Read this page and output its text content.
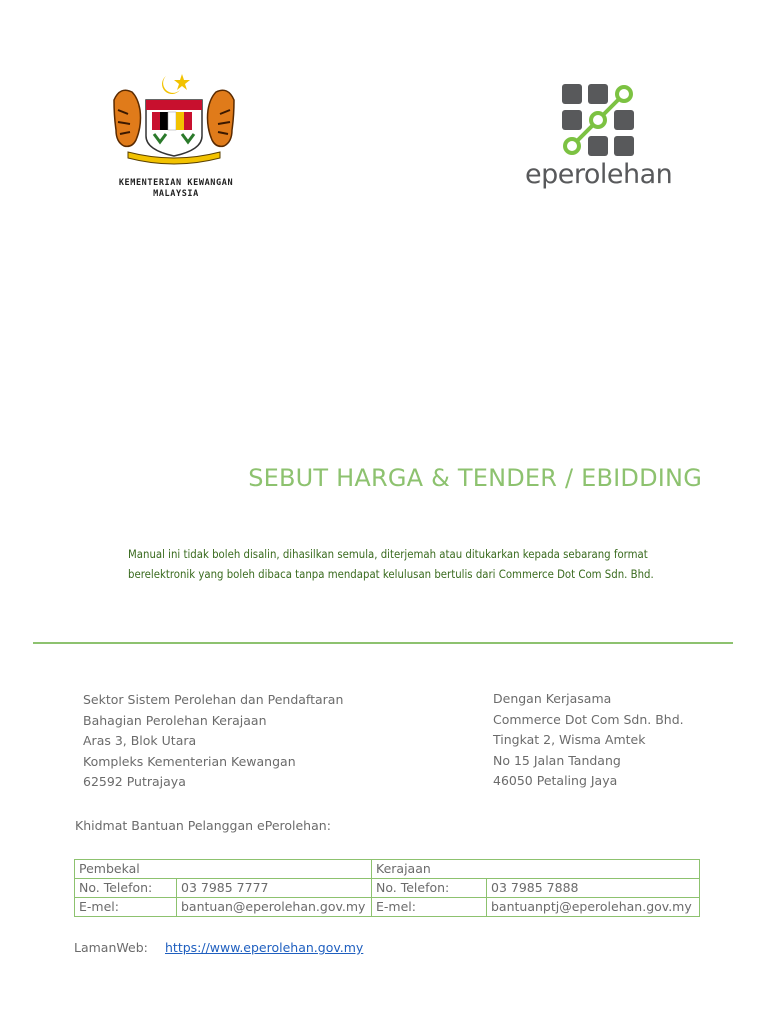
KEMENTERIAN KEWANGAN
MALAYSIA
eperolehan
SEBUT HARGA & TENDER / EBIDDING
Manual ini tidak boleh disalin, dihasilkan semula, diterjemah atau ditukarkan kepada sebarang format
berelektronik yang boleh dibaca tanpa mendapat kelulusan bertulis dari Commerce Dot Com Sdn. Bhd.
Sektor Sistem Perolehan dan Pendaftaran
Bahagian Perolehan Kerajaan
Aras 3, Blok Utara
Kompleks Kementerian Kewangan
62592 Putrajaya
Dengan Kerjasama
Commerce Dot Com Sdn. Bhd.
Tingkat 2, Wisma Amtek
No 15 Jalan Tandang
46050 Petaling Jaya
Khidmat Bantuan Pelanggan ePerolehan:
Pembekal		Kerajaan	
No. Telefon:	03 7985 7777	No. Telefon:	03 7985 7888
E-mel:	bantuan@eperolehan.gov.my	E-mel:	bantuanptj@eperolehan.gov.my
LamanWeb: https://www.eperolehan.gov.my
